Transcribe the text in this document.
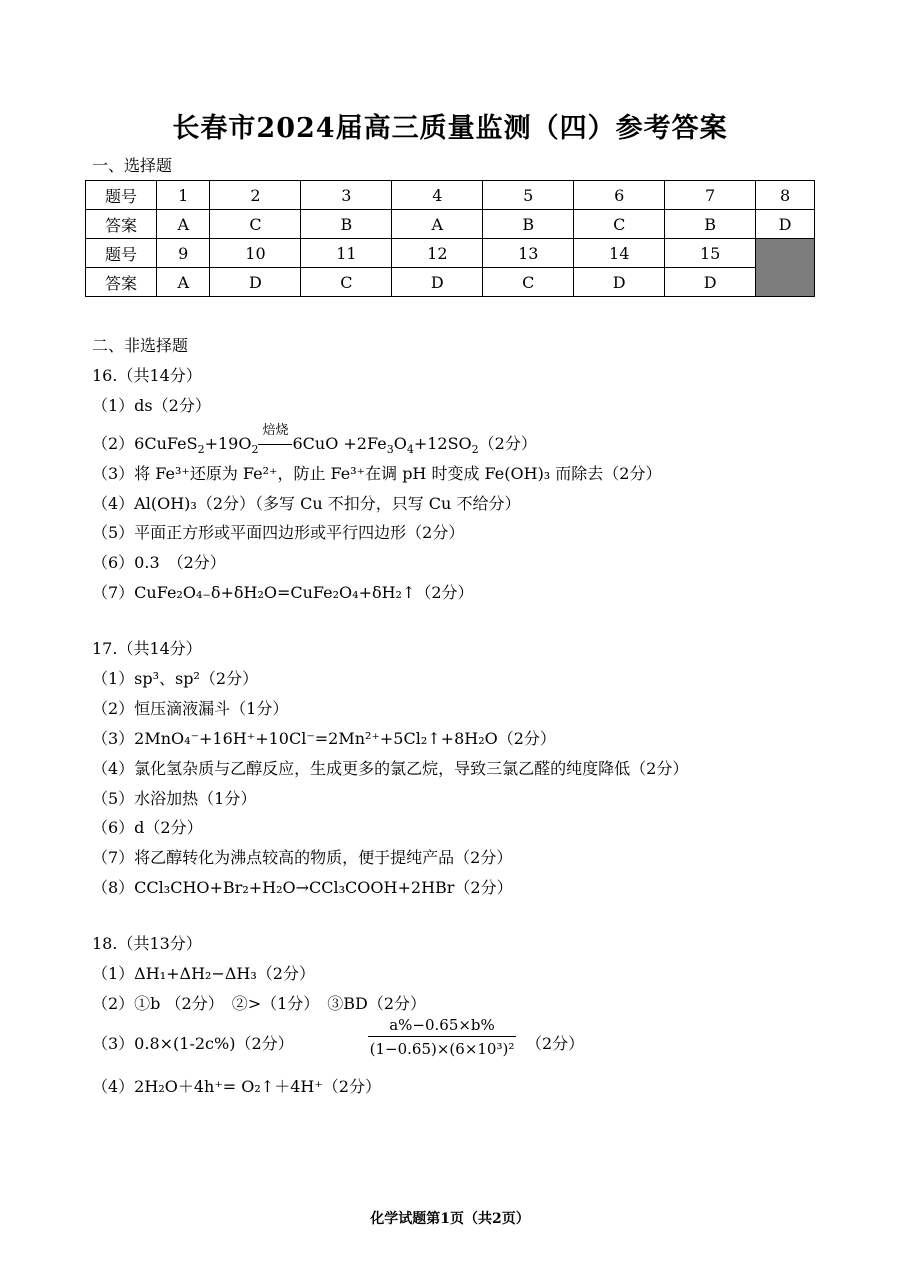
长春市2024届高三质量监测（四）参考答案
一、选择题
题号	1	2	3	4	5	6	7	8
答案	A	C	B	A	B	C	B	D
题号	9	10	11	12	13	14	15	
答案	A	D	C	D	C	D	D	
二、非选择题
16.（共14分）
（1）ds（2分）
$(2)6CuFeS_2+19O_2$
焙烧
$6CuO +2Fe_3O_4+12SO_2(2$分）
（3）将 Fe³⁺还原为 Fe²⁺，防止 Fe³⁺在调 pH 时变成 Fe(OH)₃ 而除去（2分）
（4）Al(OH)₃（2分）（多写 Cu 不扣分，只写 Cu 不给分）
（5）平面正方形或平面四边形或平行四边形（2分）
（6）0.3　（2分）
（7）CuFe₂O₄₋δ+δH₂O=CuFe₂O₄+δH₂↑（2分）
17.（共14分）
（1）sp³、sp²（2分）
（2）恒压滴液漏斗（1分）
（3）2MnO₄⁻+16H⁺+10Cl⁻=2Mn²⁺+5Cl₂↑+8H₂O（2分）
（4）氯化氢杂质与乙醇反应，生成更多的氯乙烷，导致三氯乙醛的纯度降低（2分）
（5）水浴加热（1分）
（6）d（2分）
（7）将乙醇转化为沸点较高的物质，便于提纯产品（2分）
（8）CCl₃CHO+Br₂+H₂O→CCl₃COOH+2HBr（2分）
18.（共13分）
（1）ΔH₁+ΔH₂−ΔH₃（2分）
（2）①b （2分）　②>（1分）　③BD（2分）
（3）0.8×(1-2c%)（2分）
a%−0.65×b%
(1−0.65)×(6×10³)² （2分）
（4）2H₂O＋4h⁺= O₂↑＋4H⁺（2分）
化学试题第1页（共2页）
